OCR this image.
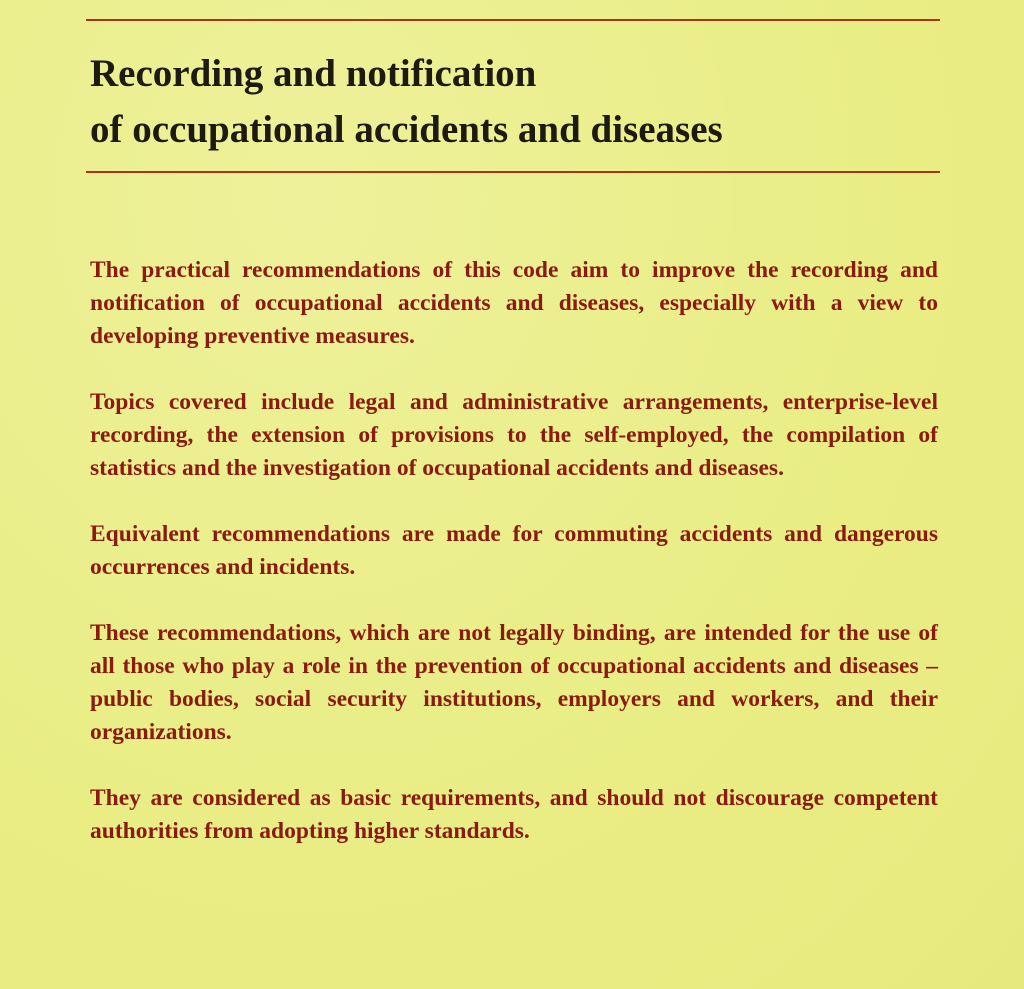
Recording and notification
of occupational accidents and diseases

The practical recommendations of this code aim to improve the recording and notification of occupational accidents and diseases, especially with a view to developing preventive measures.

Topics covered include legal and administrative arrangements, enterprise-level recording, the extension of provisions to the self-employed, the compilation of statistics and the investigation of occupational accidents and diseases.

Equivalent recommendations are made for commuting accidents and dangerous occurrences and incidents.

These recommendations, which are not legally binding, are intended for the use of all those who play a role in the prevention of occupational accidents and diseases – public bodies, social security institutions, employers and workers, and their organizations.

They are considered as basic requirements, and should not discourage competent authorities from adopting higher standards.
